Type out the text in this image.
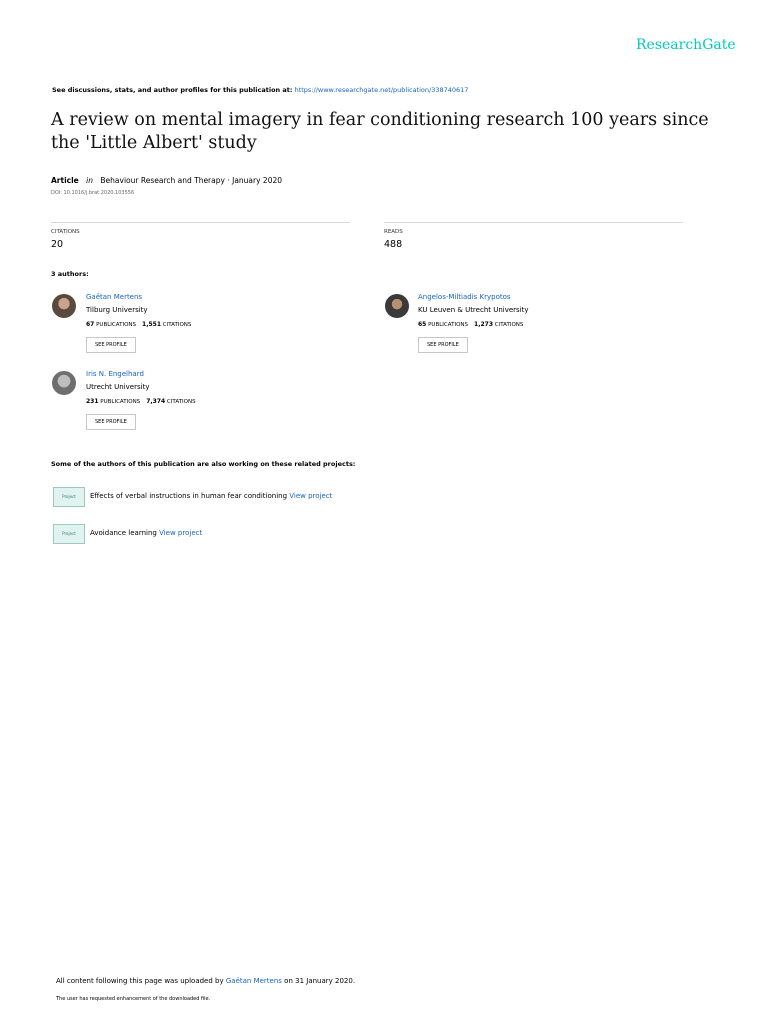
ResearchGate
See discussions, stats, and author profiles for this publication at: https://www.researchgate.net/publication/338740617
A review on mental imagery in fear conditioning research 100 years since the 'Little Albert' study
Article in Behaviour Research and Therapy · January 2020
DOI: 10.1016/j.brat.2020.103556
CITATIONS
20
READS
488
3 authors:
Gaëtan Mertens
Tilburg University
67 PUBLICATIONS 1,551 CITATIONS
SEE PROFILE
Angelos-Miltiadis Krypotos
KU Leuven & Utrecht University
65 PUBLICATIONS 1,273 CITATIONS
SEE PROFILE
Iris N. Engelhard
Utrecht University
231 PUBLICATIONS 7,374 CITATIONS
SEE PROFILE
Some of the authors of this publication are also working on these related projects:
Project	Effects of verbal instructions in human fear conditioning View project
Project	Avoidance learning View project
All content following this page was uploaded by Gaëtan Mertens on 31 January 2020.
The user has requested enhancement of the downloaded file.
